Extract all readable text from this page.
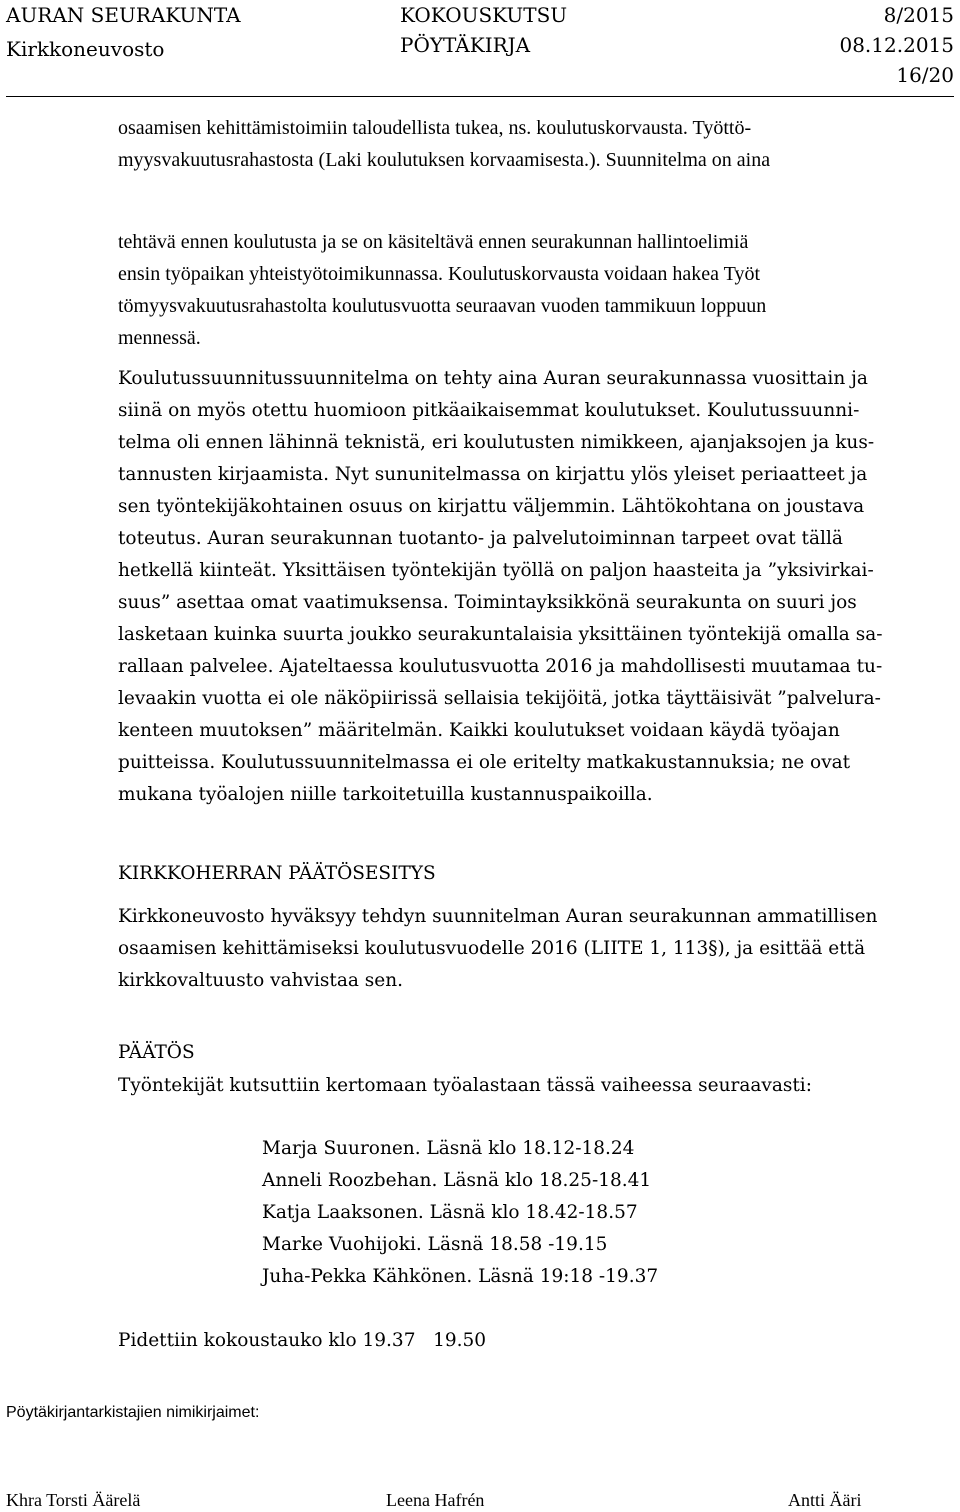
AURAN SEURAKUNTA
Kirkkoneuvosto
KOKOUSKUTSU
PÖYTÄKIRJA
8/2015
08.12.2015
16/20
osaamisen kehittämistoimiin taloudellista tukea, ns. koulutuskorvausta. Työttö-
myysvakuutusrahastosta (Laki koulutuksen korvaamisesta.). Suunnitelma on aina
tehtävä ennen koulutusta ja se on käsiteltävä ennen seurakunnan hallintoelimiä
ensin työpaikan yhteistyötoimikunnassa. Koulutuskorvausta voidaan hakea Työt
tömyysvakuutusrahastolta koulutusvuotta seuraavan vuoden tammikuun loppuun
mennessä.
Koulutussuunnitussuunnitelma on tehty aina Auran seurakunnassa vuosittain ja
siinä on myös otettu huomioon pitkäaikaisemmat koulutukset. Koulutussuunni-
telma oli ennen lähinnä teknistä, eri koulutusten nimikkeen, ajanjaksojen ja kus-
tannusten kirjaamista. Nyt sununitelmassa on kirjattu ylös yleiset periaatteet ja
sen työntekijäkohtainen osuus on kirjattu väljemmin. Lähtökohtana on joustava
toteutus. Auran seurakunnan tuotanto- ja palvelutoiminnan tarpeet ovat tällä
hetkellä kiinteät. Yksittäisen työntekijän työllä on paljon haasteita ja ”yksivirkai-
suus” asettaa omat vaatimuksensa. Toimintayksikkönä seurakunta on suuri jos
lasketaan kuinka suurta joukko seurakuntalaisia yksittäinen työntekijä omalla sa-
rallaan palvelee. Ajateltaessa koulutusvuotta 2016 ja mahdollisesti muutamaa tu-
levaakin vuotta ei ole näköpiirissä sellaisia tekijöitä, jotka täyttäisivät ”palvelura-
kenteen muutoksen” määritelmän. Kaikki koulutukset voidaan käydä työajan
puitteissa. Koulutussuunnitelmassa ei ole eritelty matkakustannuksia; ne ovat
mukana työalojen niille tarkoitetuilla kustannuspaikoilla.
KIRKKOHERRAN PÄÄTÖSESITYS
Kirkkoneuvosto hyväksyy tehdyn suunnitelman Auran seurakunnan ammatillisen
osaamisen kehittämiseksi koulutusvuodelle 2016 (LIITE 1, 113§), ja esittää että
kirkkovaltuusto vahvistaa sen.
PÄÄTÖS
Työntekijät kutsuttiin kertomaan työalastaan tässä vaiheessa seuraavasti:
Marja Suuronen. Läsnä klo 18.12-18.24
Anneli Roozbehan. Läsnä klo 18.25-18.41
Katja Laaksonen. Läsnä klo 18.42-18.57
Marke Vuohijoki. Läsnä 18.58 -19.15
Juha-Pekka Kähkönen. Läsnä 19:18 -19.37
Pidettiin kokoustauko klo 19.37   19.50
Pöytäkirjantarkistajien nimikirjaimet:
Khra Torsti Äärelä	Leena Hafrén	Antti Ääri
